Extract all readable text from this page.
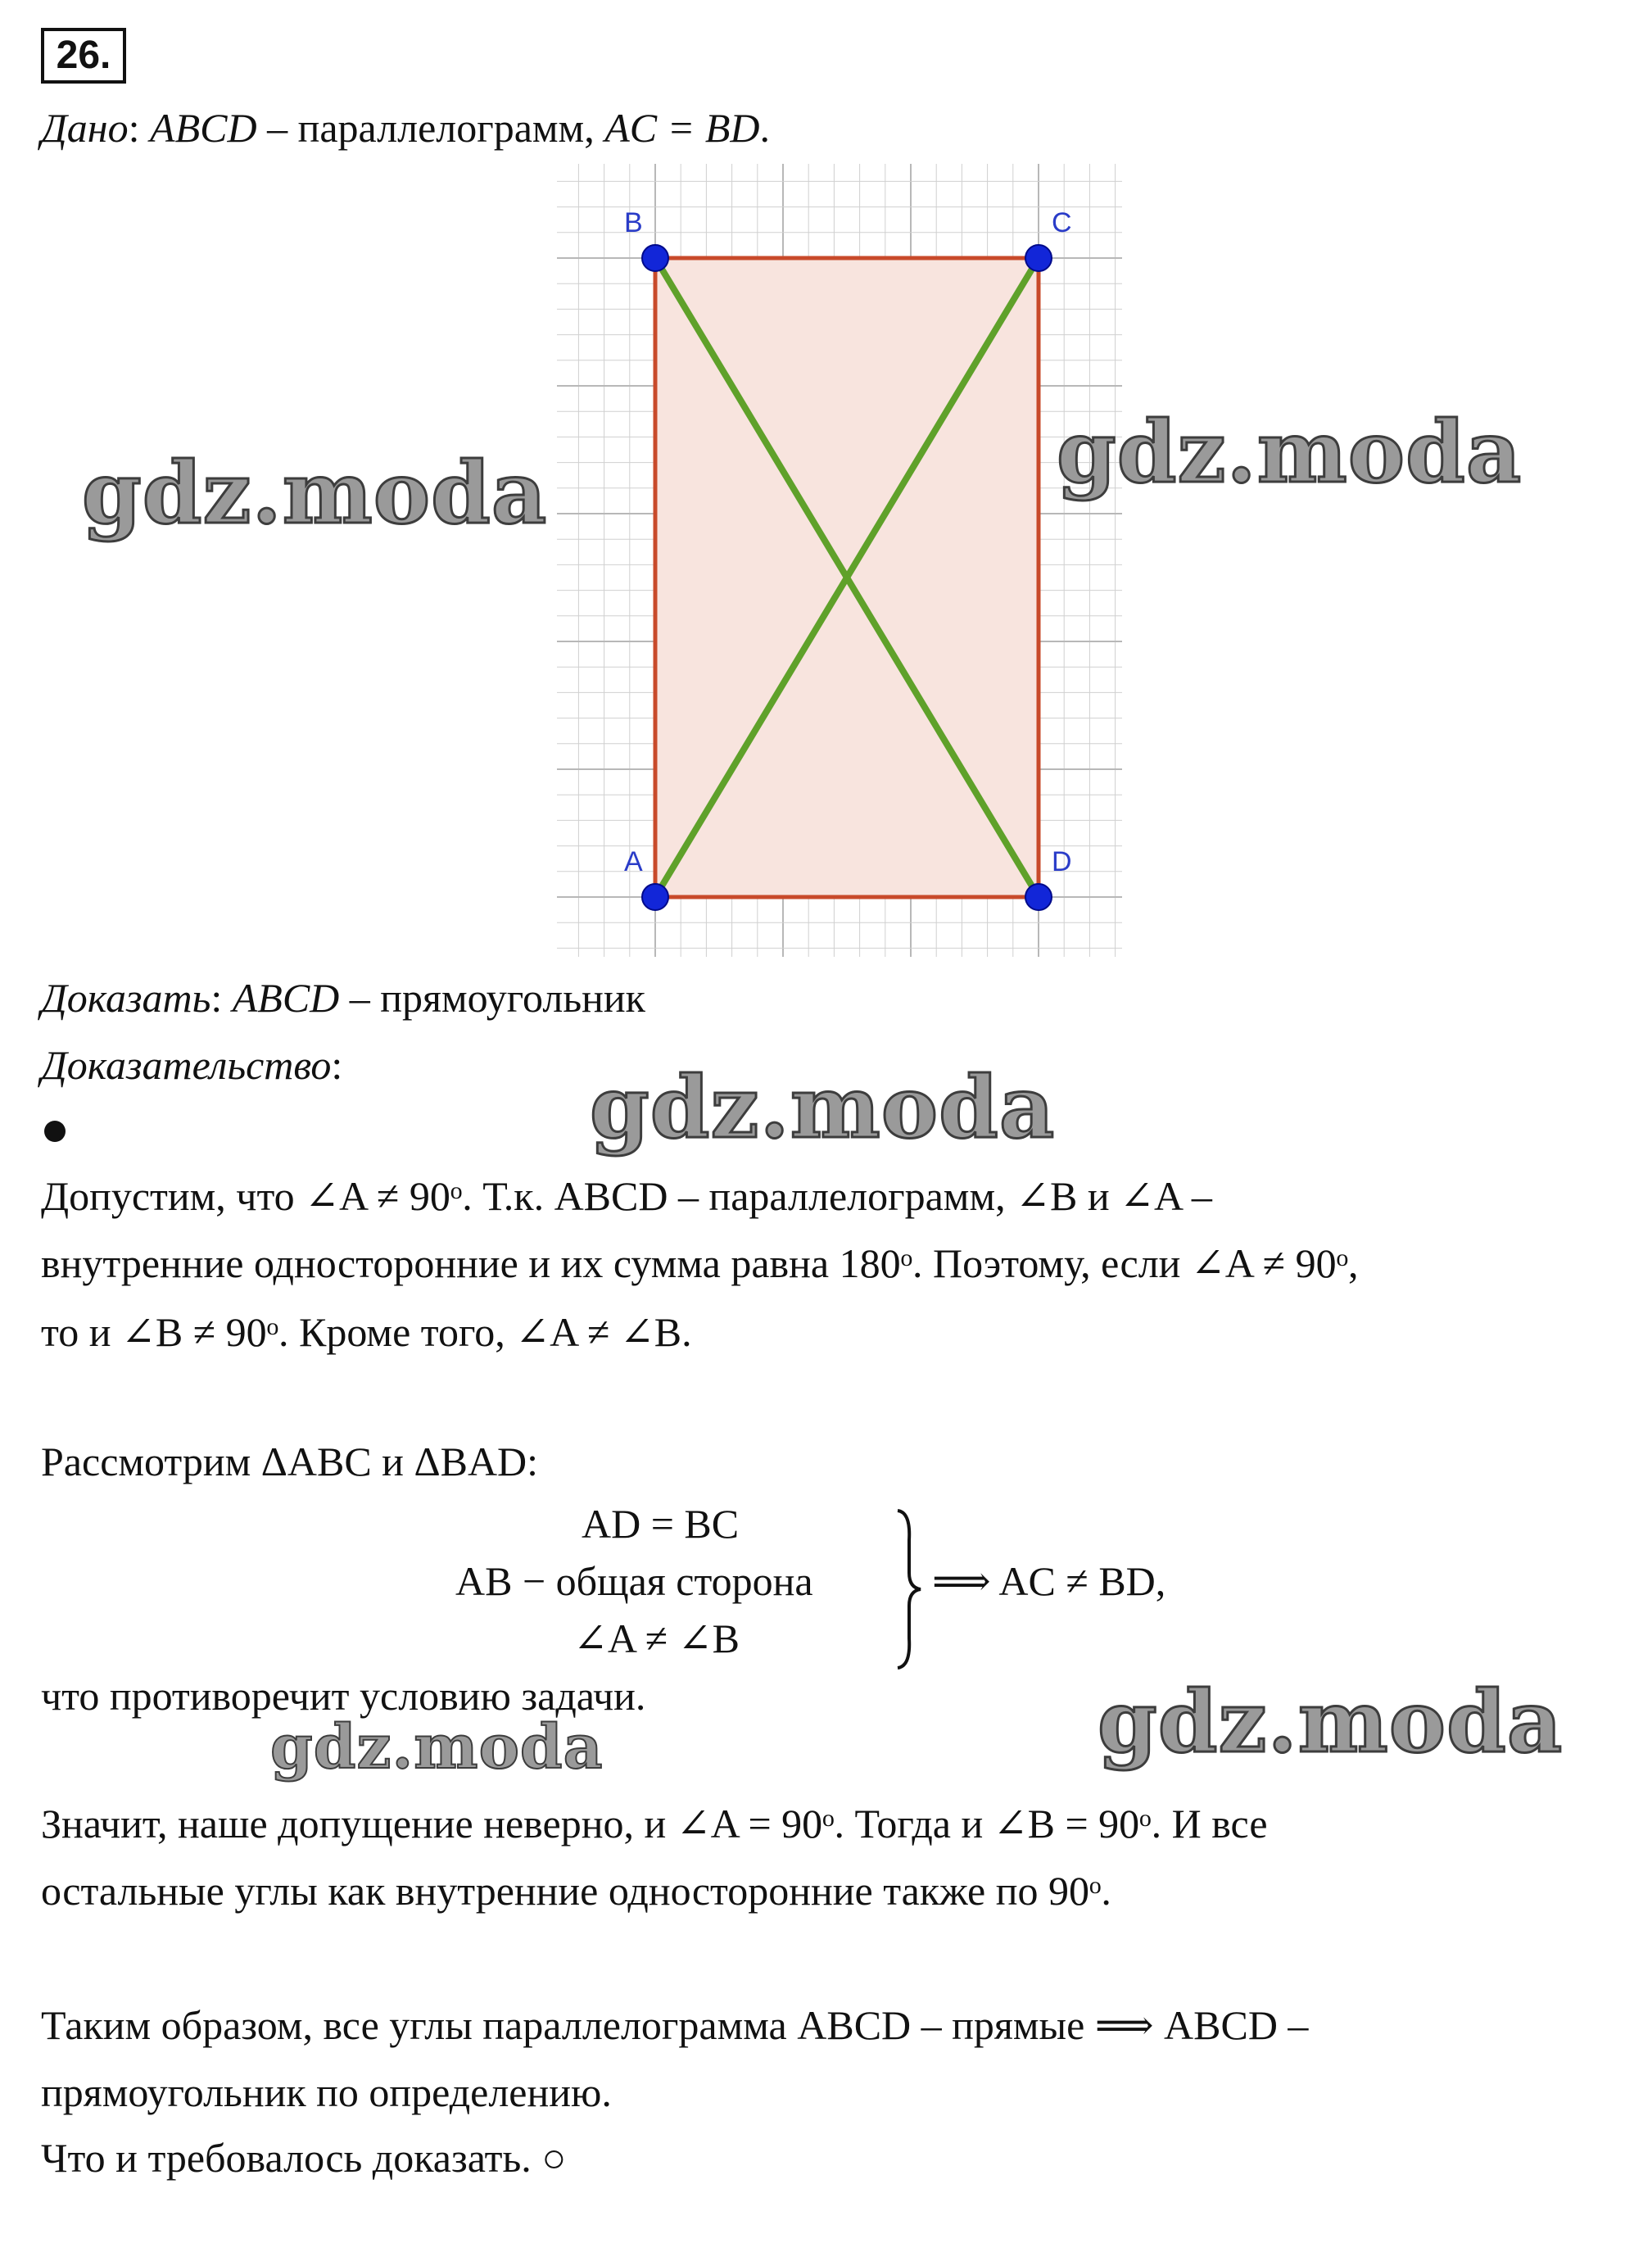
26.
Дано: ABCD – параллелограмм, AC = BD.
B	C
A	D
gdz.moda	gdz.moda
gdz.moda
gdz.moda
gdz.moda
Доказать: ABCD – прямоугольник
Доказательство:
Допустим, что ∠A ≠ 90ᵒ. Т.к. ABCD – параллелограмм, ∠B и ∠A –
внутренние односторонние и их сумма равна 180ᵒ. Поэтому, если ∠A ≠ 90ᵒ,
то и ∠B ≠ 90ᵒ. Кроме того, ∠A ≠ ∠B.
Рассмотрим ΔABC и ΔBAD:
AD = BC
AB − общая сторона
∠A ≠ ∠B
⟹ AC ≠ BD,
что противоречит условию задачи.
Значит, наше допущение неверно, и ∠A = 90ᵒ. Тогда и ∠B = 90ᵒ. И все
остальные углы как внутренние односторонние также по 90ᵒ.
Таким образом, все углы параллелограмма ABCD – прямые ⟹ ABCD –
прямоугольник по определению.
Что и требовалось доказать. ○
